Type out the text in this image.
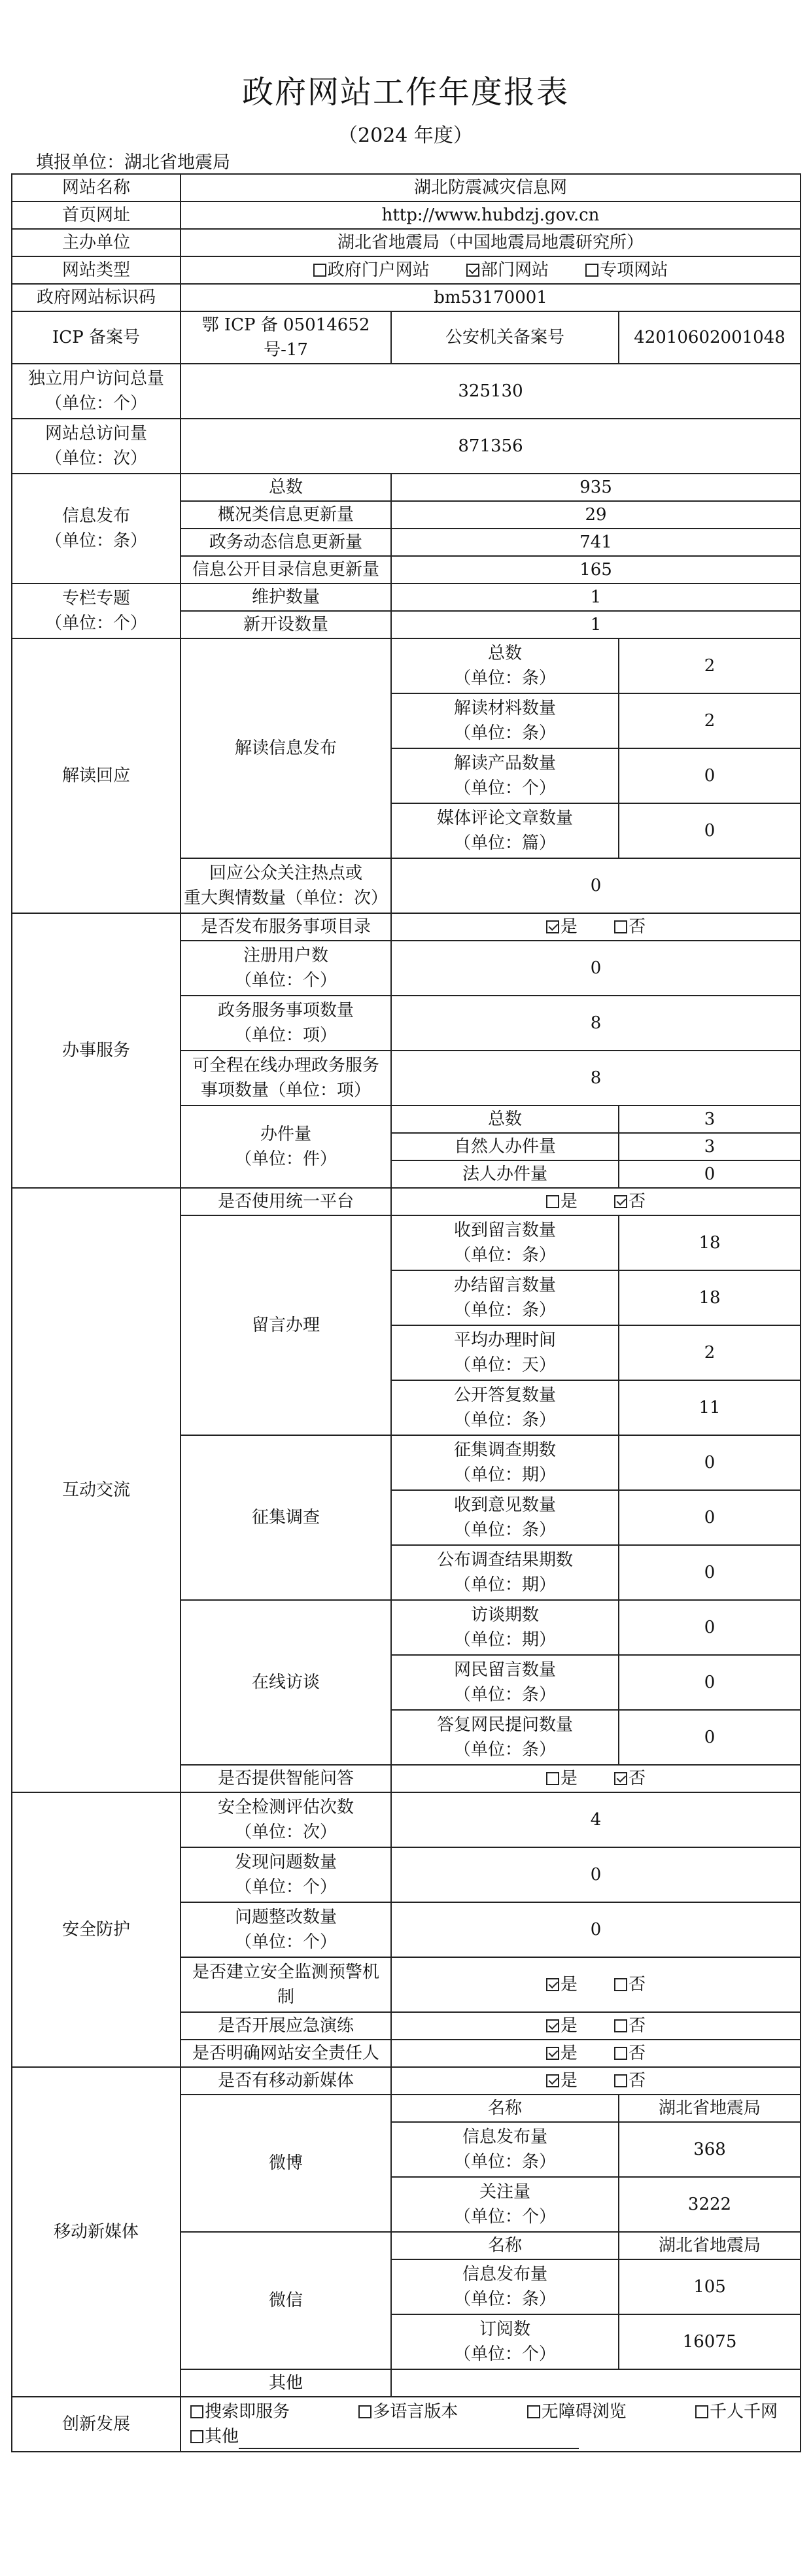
政府网站工作年度报表
（2024 年度）
填报单位：湖北省地震局
网站名称	湖北防震减灾信息网		
首页网址	http://www.hubdzj.gov.cn		
主办单位	湖北省地震局（中国地震局地震研究所）		
网站类型	政府门户网站 部门网站 专项网站		
政府网站标识码	bm53170001		
ICP 备案号	鄂 ICP 备 05014652 号-17	公安机关备案号	42010602001048

独立用户访问总量
（单位：个）	325130		

网站总访问量
（单位：次）	871356		

信息发布
（单位：条）	总数	935	
	概况类信息更新量	29	
	政务动态信息更新量	741	
	信息公开目录信息更新量	165	

专栏专题
（单位：个）	维护数量	1	
	新开设数量	1	
解读回应	解读信息发布	总数
（单位：条）	2

		解读材料数量
（单位：条）	2

		解读产品数量
（单位：个）	0

		媒体评论文章数量
（单位：篇）	0

	回应公众关注热点或
重大舆情数量（单位：次）	0	
办事服务	是否发布服务事项目录	是 否	

	注册用户数
（单位：个）	0	

	政务服务事项数量
（单位：项）	8	

	可全程在线办理政务服务
事项数量（单位：项）	8	

	办件量
（单位：件）	总数	3
		自然人办件量	3
		法人办件量	0
互动交流	是否使用统一平台	是 否	
	留言办理	收到留言数量
（单位：条）	18

		办结留言数量
（单位：条）	18

		平均办理时间
（单位：天）	2

		公开答复数量
（单位：条）	11
	征集调查	征集调查期数
（单位：期）	0

		收到意见数量
（单位：条）	0

		公布调查结果期数
（单位：期）	0
	在线访谈	访谈期数
（单位：期）	0

		网民留言数量
（单位：条）	0

		答复网民提问数量
（单位：条）	0
	是否提供智能问答	是 否	
安全防护	安全检测评估次数
（单位：次）	4	

	发现问题数量
（单位：个）	0	

	问题整改数量
（单位：个）	0	

	是否建立安全监测预警机
制	是 否	
	是否开展应急演练	是 否	
	是否明确网站安全责任人	是 否	
移动新媒体	是否有移动新媒体	是 否	
	微博	名称	湖北省地震局

		信息发布量
（单位：条）	368

		关注量
（单位：个）	3222
	微信	名称	湖北省地震局

		信息发布量
（单位：条）	105

		订阅数
（单位：个）	16075
	其他		
创新发展	搜索即服务 多语言版本 无障碍浏览 千人千网
其他		
